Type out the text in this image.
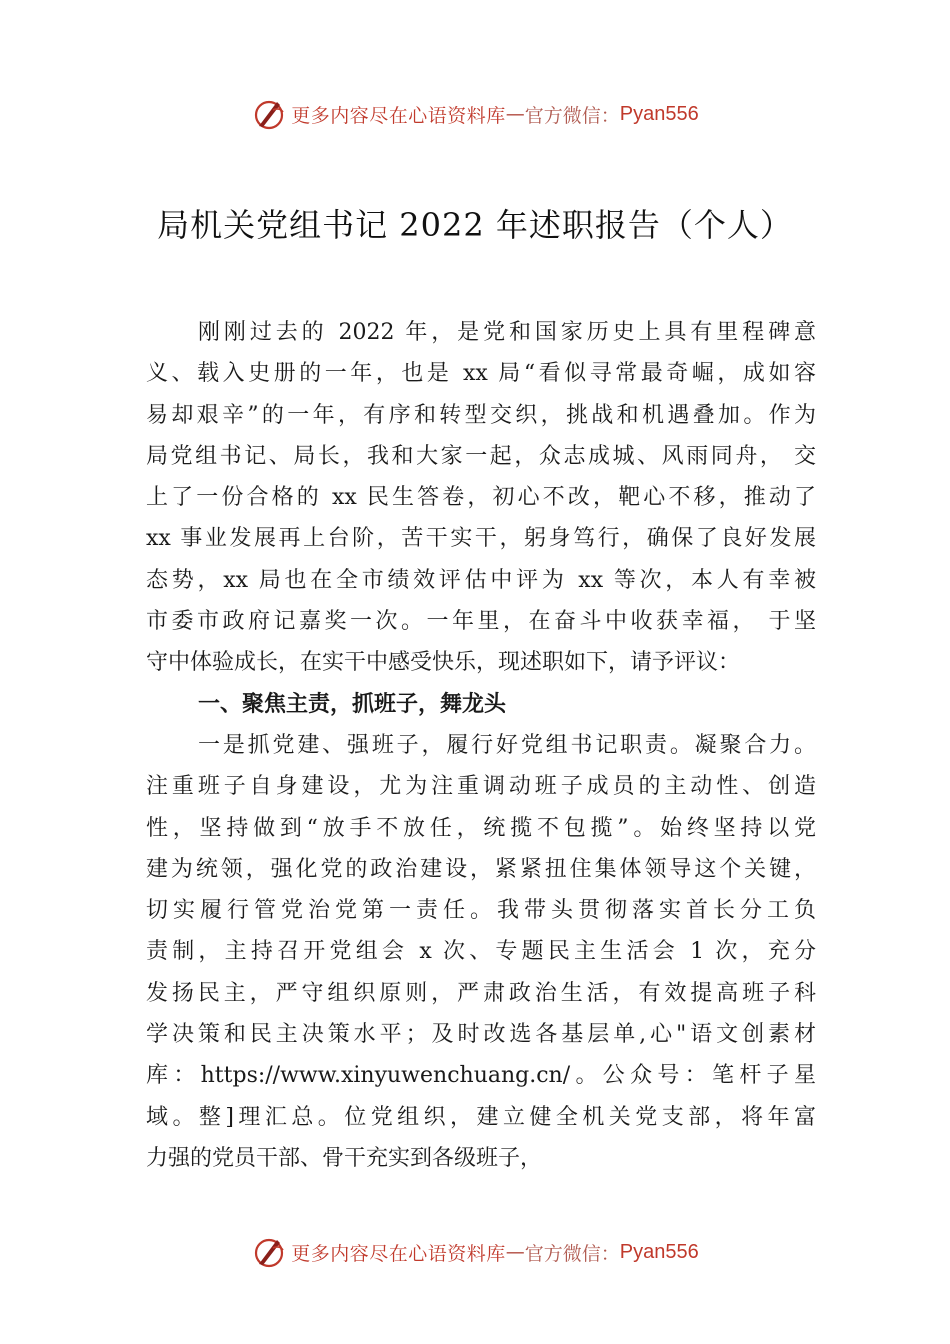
更多内容尽在心语资料库 — 官方微信： Pyan556
局机关党组书记 2022 年述职报告（个人）
刚刚过去的 2022 年，是党和国家历史上具有里程碑意
义、载入史册的一年，也是 xx 局“看似寻常最奇崛，成如容
易却艰辛”的一年，有序和转型交织，挑战和机遇叠加。作为
局党组书记、局长，我和大家一起，众志成城、风雨同舟， 交
上了一份合格的 xx 民生答卷，初心不改，靶心不移，推动了
xx 事业发展再上台阶，苦干实干，躬身笃行，确保了良好发展
态势，xx 局也在全市绩效评估中评为 xx 等次，本人有幸被
市委市政府记嘉奖一次。一年里，在奋斗中收获幸福， 于坚
守中体验成长，在实干中感受快乐，现述职如下，请予评议：
一、聚焦主责，抓班子，舞龙头
一是抓党建、强班子，履行好党组书记职责。凝聚合力。
注重班子自身建设，尤为注重调动班子成员的主动性、创造
性，坚持做到“放手不放任，统揽不包揽”。始终坚持以党
建为统领，强化党的政治建设，紧紧扭住集体领导这个关键，
切实履行管党治党第一责任。我带头贯彻落实首长分工负
责制，主持召开党组会 x 次、专题民主生活会 1 次，充分
发扬民主，严守组织原则，严肃政治生活，有效提高班子科
学决策和民主决策水平；及时改选各基层单,心"语文创素材
库：https://www.xinyuwenchuang.cn/。公众号：笔杆子星
域。整]理汇总。位党组织，建立健全机关党支部，将年富
力强的党员干部、骨干充实到各级班子，
更多内容尽在心语资料库 — 官方微信： Pyan556
